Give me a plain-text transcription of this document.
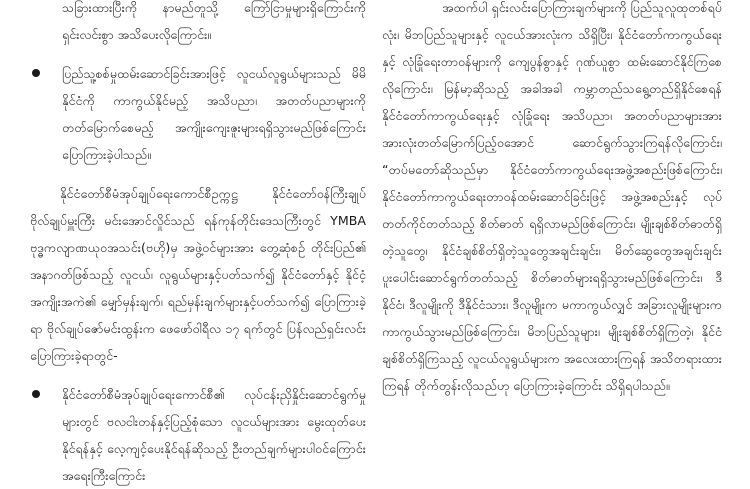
သခြားထားပြီးကို နာမည်တူသို့ ကြော်ငြာမှုများရှိကြောင်းကို ရှင်းလင်းစွာ အသိပေးလိုကြောင်း။

ပြည်သူ့စစ်မှုထမ်းဆောင်ခြင်းအားဖြင့် လူငယ်လူရွယ်များသည် မိမိနိုင်ငံကို ကာကွယ်နိုင်မည့် အသိပညာ၊ အတတ်ပညာများကို တတ်မြောက်စေမည့် အကျိုးကျေးဇူးများရရှိသွားမည်ဖြစ်ကြောင်း ပြောကြားခဲ့ပါသည်။

နိုင်ငံတော်စီမံအုပ်ချုပ်ရေးကောင်စီဥက္ကဋ္ဌ နိုင်ငံတော်ဝန်ကြီးချုပ် ဗိုလ်ချုပ်မှူးကြီး မင်းအောင်လှိုင်သည် ရန်ကုန်တိုင်းဒေသကြီးတွင် YMBA ဗုဒ္ဓကလျာဏယုဝအသင်း(ဗဟို)မှ အဖွဲ့ဝင်များအား တွေ့ဆုံစဉ် တိုင်းပြည်၏ အနာဂတ်ဖြစ်သည့် လူငယ်၊ လူရွယ်များနှင့်ပတ်သက်၍ နိုင်ငံတော်နှင့် နိုင်ငံ့အကျိုးအကဲ၏ မျှော်မှန်းချက်၊ ရည်မှန်းချက်များနှင့်ပတ်သက်၍ ပြောကြားခဲ့ရာ ဗိုလ်ချုပ်ဇော်မင်းထွန်းက ဖေဖော်ဝါရီလ ၁၇ ရက်တွင် ပြန်လည်ရှင်းလင်းပြောကြားခဲ့ရာတွင်-

နိုင်ငံတော်စီမံအုပ်ချုပ်ရေးကောင်စီ၏ လုပ်ငန်းညှိနှိုင်းဆောင်ရွက်မှုများတွင် ဗလငါးတန်နှင့်ပြည့်စုံသော လူငယ်များအား မွေးထုတ်ပေးနိုင်ရန်နှင့် လေ့ကျင့်ပေးနိုင်ရန်ဆိုသည့် ဦးတည်ချက်များပါဝင်ကြောင်း အရေးကြီးကြောင်း

အထက်ပါ ရှင်းလင်းပြောကြားချက်များကို ပြည်သူလူထုတစ်ရပ်လုံး၊ မိဘပြည်သူများနှင့် လူငယ်အားလုံးက သိရှိပြီး၊ နိုင်ငံတော်ကာကွယ်ရေးနှင့် လုံခြုံရေးတာဝန်များကို ကျေပွန်စွာနှင့် ဂုဏ်ယူစွာ ထမ်းဆောင်နိုင်ကြစေလိုကြောင်း၊ မြန်မာ့ဆိုသည့် အခါအခါ ကမ္ဘာတည်သရွေ့တည်ရှိနိုင်စေရန် နိုင်ငံတော်ကာကွယ်ရေးနှင့် လုံခြုံရေး အသိပညာ၊ အတတ်ပညာများအား အားလုံးတတ်မြောက်ပြည့်ဝအောင် ဆောင်ရွက်သွားကြရန်လိုကြောင်း၊ “တပ်မတော်ဆိုသည်မှာ နိုင်ငံတော်ကာကွယ်ရေးအဖွဲ့အစည်းဖြစ်ကြောင်း၊ နိုင်ငံတော်ကာကွယ်ရေးတာဝန်ထမ်းဆောင်ခြင်းဖြင့် အဖွဲ့အစည်းနှင့် လုပ်တတ်ကိုင်တတ်သည့် စိတ်ဓာတ် ရရှိလာမည်ဖြစ်ကြောင်း၊ မျိုးချစ်စိတ်ဓာတ်ရှိတဲ့သူတွေ၊ နိုင်ငံချစ်စိတ်ရှိတဲ့သူတွေအချင်းချင်း၊ မိတ်ဆွေတွေအချင်းချင်း ပူးပေါင်းဆောင်ရွက်တတ်သည့် စိတ်ဓာတ်များရရှိသွားမည်ဖြစ်ကြောင်း၊ ဒီနိုင်ငံ၊ ဒီလူမျိုးကို ဒီနိုင်ငံသား၊ ဒီလူမျိုးက မကာကွယ်လျှင် အခြားလူမျိုးများက ကာကွယ်သွားမည်ဖြစ်ကြောင်း၊ မိဘပြည်သူများ၊ မျိုးချစ်စိတ်ရှိကြတဲ့၊ နိုင်ငံချစ်စိတ်ရှိကြသည့် လူငယ်လူရွယ်များက အလေးထားကြရန် အသိတရားထားကြရန် တိုက်တွန်းလိုသည်ဟု ပြောကြားခဲ့ကြောင်း သိရှိရပါသည်။
